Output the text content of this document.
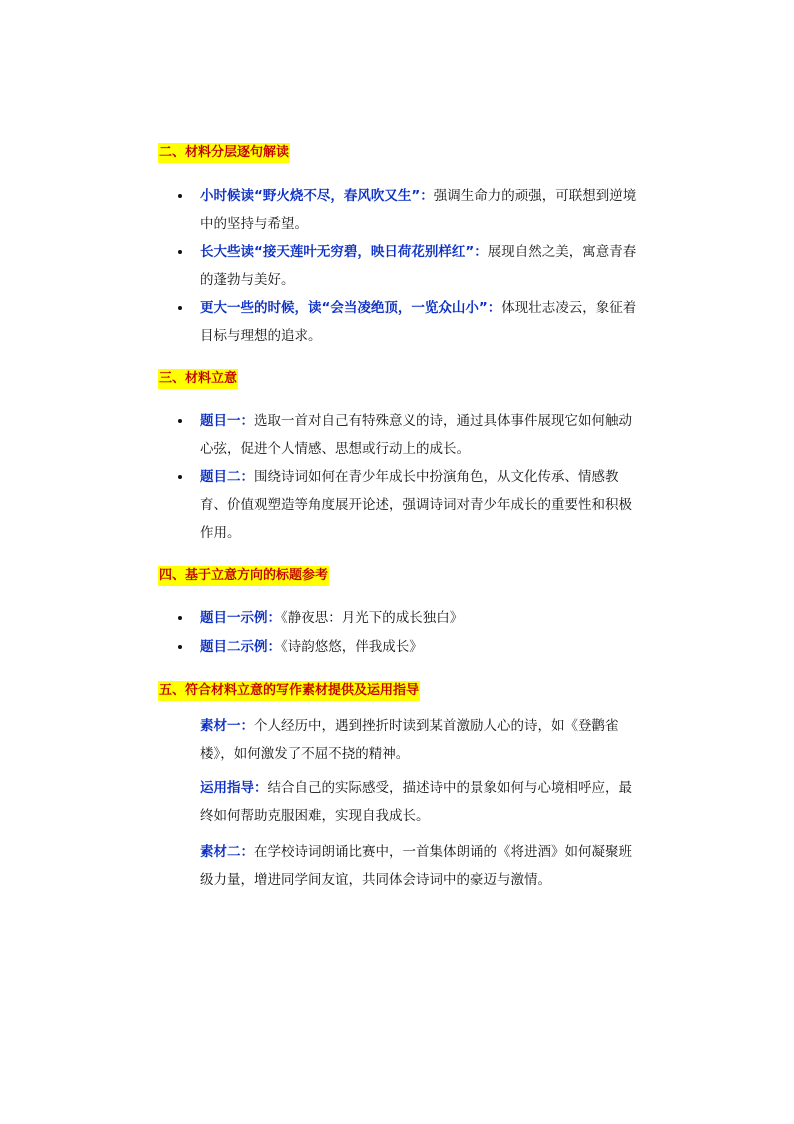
二、材料分层逐句解读
小时候读“野火烧不尽，春风吹又生”：强调生命力的顽强，可联想到逆境中的坚持与希望。
长大些读“接天莲叶无穷碧，映日荷花别样红”：展现自然之美，寓意青春的蓬勃与美好。
更大一些的时候，读“会当凌绝顶，一览众山小”：体现壮志凌云，象征着目标与理想的追求。
三、材料立意
题目一：选取一首对自己有特殊意义的诗，通过具体事件展现它如何触动心弦，促进个人情感、思想或行动上的成长。
题目二：围绕诗词如何在青少年成长中扮演角色，从文化传承、情感教育、价值观塑造等角度展开论述，强调诗词对青少年成长的重要性和积极作用。
四、基于立意方向的标题参考
题目一示例：《静夜思：月光下的成长独白》
题目二示例：《诗韵悠悠，伴我成长》
五、符合材料立意的写作素材提供及运用指导
素材一：个人经历中，遇到挫折时读到某首激励人心的诗，如《登鹳雀楼》，如何激发了不屈不挠的精神。
运用指导：结合自己的实际感受，描述诗中的景象如何与心境相呼应，最终如何帮助克服困难，实现自我成长。
素材二：在学校诗词朗诵比赛中，一首集体朗诵的《将进酒》如何凝聚班级力量，增进同学间友谊，共同体会诗词中的豪迈与激情。
